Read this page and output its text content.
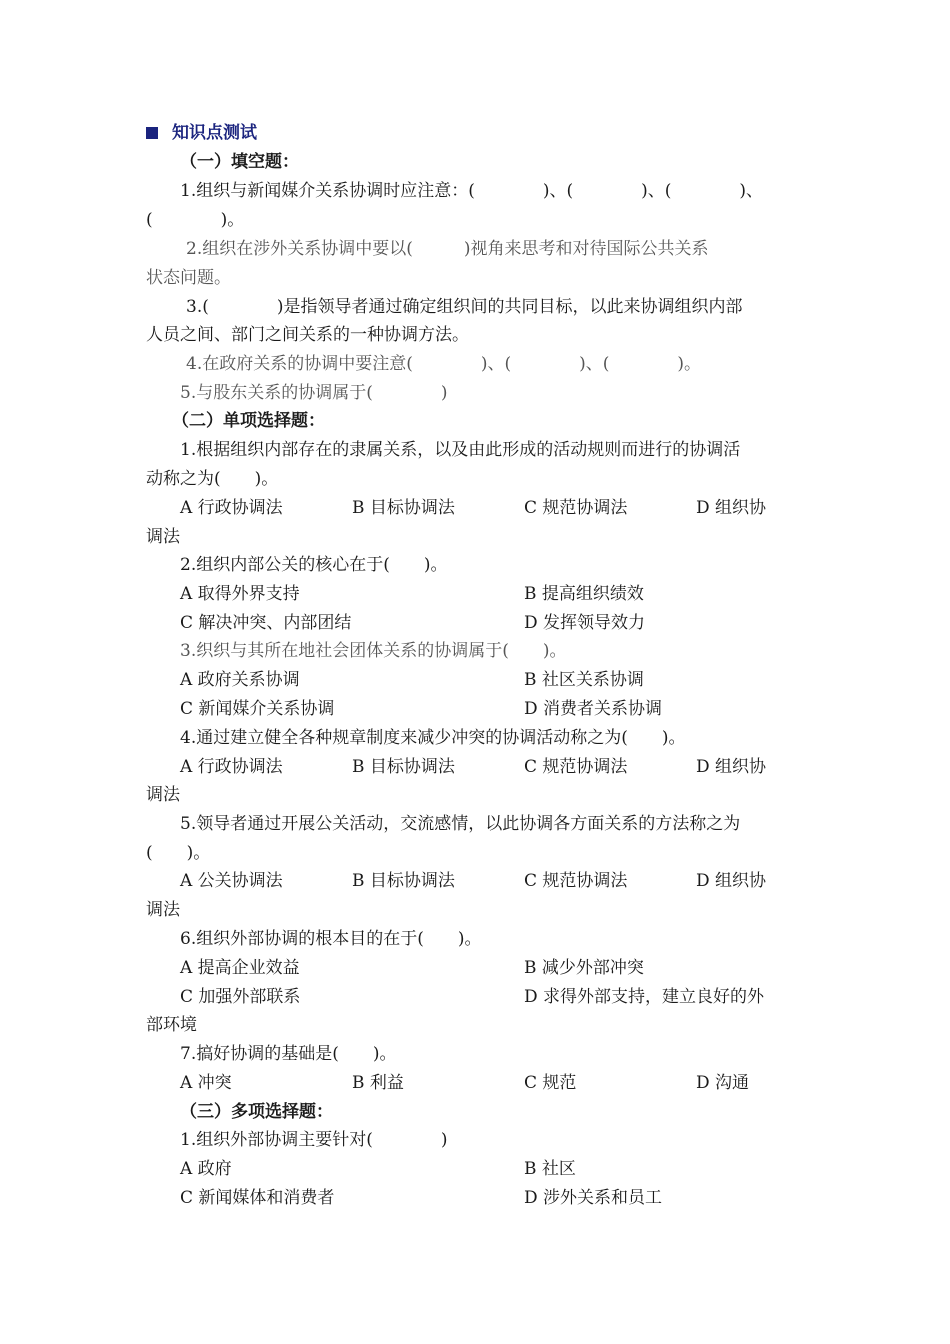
知识点测试
（一）填空题：
1.组织与新闻媒介关系协调时应注意：(　　　　)、(　　　　)、(　　　　)、
(　　　　)。
2.组织在涉外关系协调中要以(　　　)视角来思考和对待国际公共关系
状态问题。
3.(　　　　)是指领导者通过确定组织间的共同目标，以此来协调组织内部
人员之间、部门之间关系的一种协调方法。
4.在政府关系的协调中要注意(　　　　)、(　　　　)、(　　　　)。
5.与股东关系的协调属于(　　　　)
（二）单项选择题：
1.根据组织内部存在的隶属关系，以及由此形成的活动规则而进行的协调活
动称之为(　　)。
A 行政协调法	B 目标协调法	C 规范协调法	D 组织协
调法
2.组织内部公关的核心在于(　　)。
A 取得外界支持	B 提高组织绩效
C 解决冲突、内部团结	D 发挥领导效力
3.织织与其所在地社会团体关系的协调属于(　　)。
A 政府关系协调	B 社区关系协调
C 新闻媒介关系协调	D 消费者关系协调
4.通过建立健全各种规章制度来减少冲突的协调活动称之为(　　)。
A 行政协调法	B 目标协调法	C 规范协调法	D 组织协
调法
5.领导者通过开展公关活动，交流感情，以此协调各方面关系的方法称之为
(　　)。
A 公关协调法	B 目标协调法	C 规范协调法	D 组织协
调法
6.组织外部协调的根本目的在于(　　)。
A 提高企业效益	B 减少外部冲突
C 加强外部联系	D 求得外部支持，建立良好的外
部环境
7.搞好协调的基础是(　　)。
A 冲突	B 利益	C 规范	D 沟通
（三）多项选择题：
1.组织外部协调主要针对(　　　　)
A 政府	B 社区
C 新闻媒体和消费者	D 涉外关系和员工
